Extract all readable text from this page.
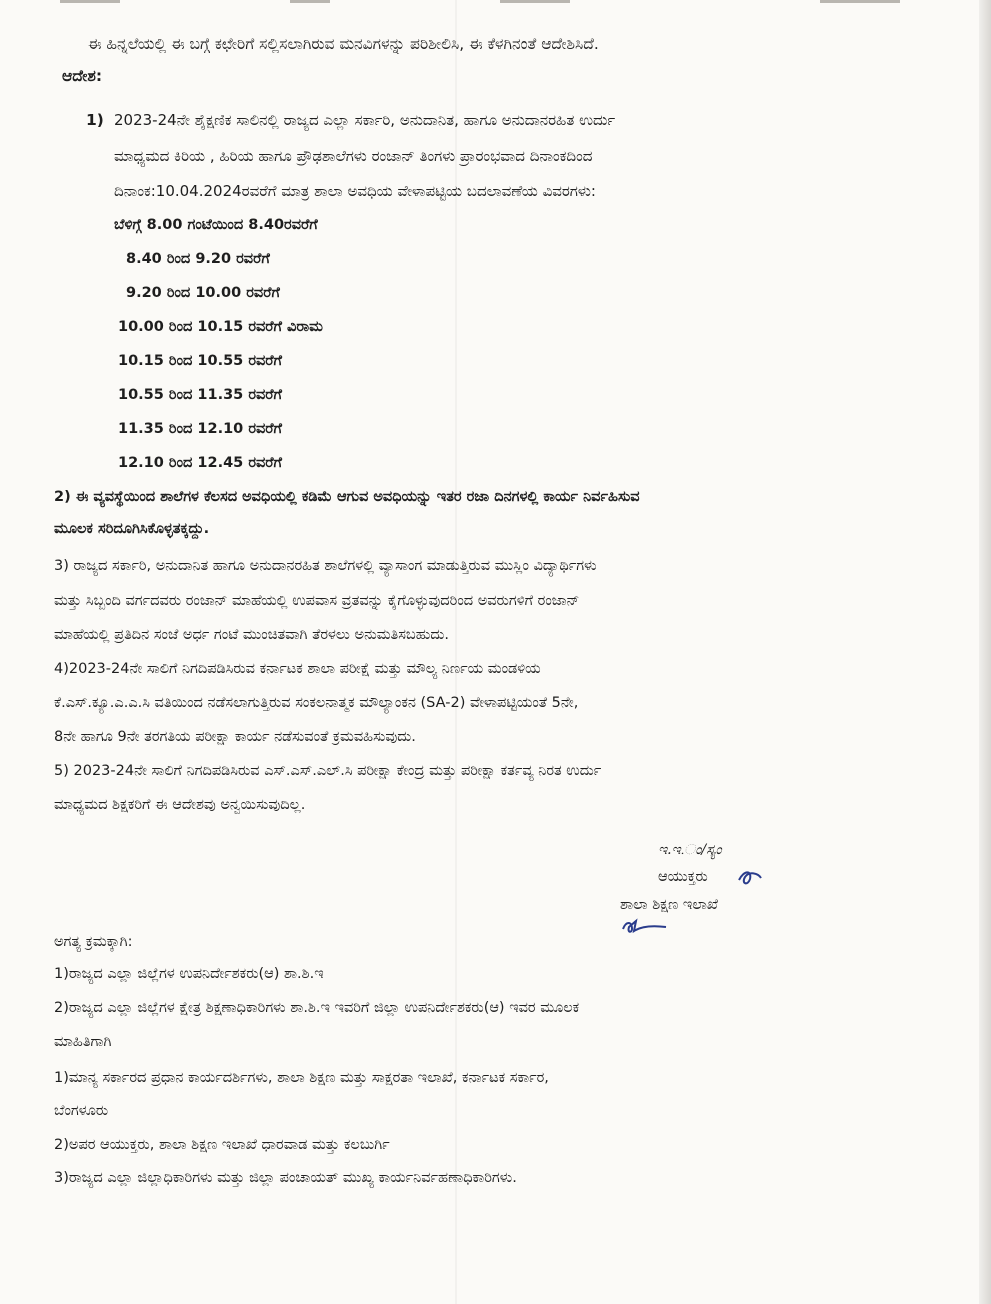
ಈ ಹಿನ್ನಲೆಯಲ್ಲಿ ಈ ಬಗ್ಗೆ ಕಛೇರಿಗೆ ಸಲ್ಲಿಸಲಾಗಿರುವ ಮನವಿಗಳನ್ನು ಪರಿಶೀಲಿಸಿ, ಈ ಕೆಳಗಿನಂತೆ ಆದೇಶಿಸಿದೆ.
ಆದೇಶ:
1) 2023-24ನೇ ಶೈಕ್ಷಣಿಕ ಸಾಲಿನಲ್ಲಿ ರಾಜ್ಯದ ಎಲ್ಲಾ ಸರ್ಕಾರಿ, ಅನುದಾನಿತ, ಹಾಗೂ ಅನುದಾನರಹಿತ ಉರ್ದು
ಮಾಧ್ಯಮದ ಕಿರಿಯ , ಹಿರಿಯ ಹಾಗೂ ಪ್ರೌಢಶಾಲೆಗಳು ರಂಜಾನ್ ತಿಂಗಳು ಪ್ರಾರಂಭವಾದ ದಿನಾಂಕದಿಂದ
ದಿನಾಂಕ:10.04.2024ರವರೆಗೆ ಮಾತ್ರ ಶಾಲಾ ಅವಧಿಯ ವೇಳಾಪಟ್ಟಿಯ ಬದಲಾವಣೆಯ ವಿವರಗಳು:
ಬೆಳಿಗ್ಗೆ 8.00 ಗಂಟೆಯಿಂದ 8.40ರವರೆಗೆ
8.40 ರಿಂದ 9.20 ರವರೆಗೆ
9.20 ರಿಂದ 10.00 ರವರೆಗೆ
10.00 ರಿಂದ 10.15 ರವರೆಗೆ ವಿರಾಮ
10.15 ರಿಂದ 10.55 ರವರೆಗೆ
10.55 ರಿಂದ 11.35 ರವರೆಗೆ
11.35 ರಿಂದ 12.10 ರವರೆಗೆ
12.10 ರಿಂದ 12.45 ರವರೆಗೆ
2) ಈ ವ್ಯವಸ್ಥೆಯಿಂದ ಶಾಲೆಗಳ ಕೆಲಸದ ಅವಧಿಯಲ್ಲಿ ಕಡಿಮೆ ಆಗುವ ಅವಧಿಯನ್ನು ಇತರ ರಜಾ ದಿನಗಳಲ್ಲಿ ಕಾರ್ಯ ನಿರ್ವಹಿಸುವ
ಮೂಲಕ ಸರಿದೂಗಿಸಿಕೊಳ್ಳತಕ್ಕದ್ದು.
3) ರಾಜ್ಯದ ಸರ್ಕಾರಿ, ಅನುದಾನಿತ ಹಾಗೂ ಅನುದಾನರಹಿತ ಶಾಲೆಗಳಲ್ಲಿ ವ್ಯಾಸಾಂಗ ಮಾಡುತ್ತಿರುವ ಮುಸ್ಲಿಂ ವಿದ್ಯಾರ್ಥಿಗಳು
ಮತ್ತು ಸಿಬ್ಬಂದಿ ವರ್ಗದವರು ರಂಜಾನ್ ಮಾಹೆಯಲ್ಲಿ ಉಪವಾಸ ವ್ರತವನ್ನು ಕೈಗೊಳ್ಳುವುದರಿಂದ ಅವರುಗಳಿಗೆ ರಂಜಾನ್
ಮಾಹೆಯಲ್ಲಿ ಪ್ರತಿದಿನ ಸಂಜೆ ಅರ್ಧ ಗಂಟೆ ಮುಂಚಿತವಾಗಿ ತೆರಳಲು ಅನುಮತಿಸಬಹುದು.
4)2023-24ನೇ ಸಾಲಿಗೆ ನಿಗದಿಪಡಿಸಿರುವ ಕರ್ನಾಟಕ ಶಾಲಾ ಪರೀಕ್ಷೆ ಮತ್ತು ಮೌಲ್ಯ ನಿರ್ಣಯ ಮಂಡಳಿಯ
ಕೆ.ಎಸ್.ಕ್ಯೂ.ಎ.ಎ.ಸಿ ವತಿಯಿಂದ ನಡೆಸಲಾಗುತ್ತಿರುವ ಸಂಕಲನಾತ್ಮಕ ಮೌಲ್ಯಾಂಕನ (SA-2) ವೇಳಾಪಟ್ಟಿಯಂತೆ 5ನೇ,
8ನೇ ಹಾಗೂ 9ನೇ ತರಗತಿಯ ಪರೀಕ್ಷಾ ಕಾರ್ಯ ನಡೆಸುವಂತೆ ಕ್ರಮವಹಿಸುವುದು.
5) 2023-24ನೇ ಸಾಲಿಗೆ ನಿಗದಿಪಡಿಸಿರುವ ಎಸ್.ಎಸ್.ಎಲ್.ಸಿ ಪರೀಕ್ಷಾ ಕೇಂದ್ರ ಮತ್ತು ಪರೀಕ್ಷಾ ಕರ್ತವ್ಯ ನಿರತ ಉರ್ದು
ಮಾಧ್ಯಮದ ಶಿಕ್ಷಕರಿಗೆ ಈ ಆದೇಶವು ಅನ್ವಯಿಸುವುದಿಲ್ಲ.
ಇ.ಇ.ಂ/ಸ್ಯಂ
ಆಯುಕ್ತರು
ಶಾಲಾ ಶಿಕ್ಷಣ ಇಲಾಖೆ
ಅಗತ್ಯ ಕ್ರಮಕ್ಕಾಗಿ:
1)ರಾಜ್ಯದ ಎಲ್ಲಾ ಜಿಲ್ಲೆಗಳ ಉಪನಿರ್ದೇಶಕರು(ಆ) ಶಾ.ಶಿ.ಇ
2)ರಾಜ್ಯದ ಎಲ್ಲಾ ಜಿಲ್ಲೆಗಳ ಕ್ಷೇತ್ರ ಶಿಕ್ಷಣಾಧಿಕಾರಿಗಳು ಶಾ.ಶಿ.ಇ ಇವರಿಗೆ ಜಿಲ್ಲಾ ಉಪನಿರ್ದೇಶಕರು(ಆ) ಇವರ ಮೂಲಕ
ಮಾಹಿತಿಗಾಗಿ
1)ಮಾನ್ಯ ಸರ್ಕಾರದ ಪ್ರಧಾನ ಕಾರ್ಯದರ್ಶಿಗಳು, ಶಾಲಾ ಶಿಕ್ಷಣ ಮತ್ತು ಸಾಕ್ಷರತಾ ಇಲಾಖೆ, ಕರ್ನಾಟಕ ಸರ್ಕಾರ,
ಬೆಂಗಳೂರು
2)ಅಪರ ಆಯುಕ್ತರು, ಶಾಲಾ ಶಿಕ್ಷಣ ಇಲಾಖೆ ಧಾರವಾಡ ಮತ್ತು ಕಲಬುರ್ಗಿ
3)ರಾಜ್ಯದ ಎಲ್ಲಾ ಜಿಲ್ಲಾಧಿಕಾರಿಗಳು ಮತ್ತು ಜಿಲ್ಲಾ ಪಂಚಾಯತ್ ಮುಖ್ಯ ಕಾರ್ಯನಿರ್ವಹಣಾಧಿಕಾರಿಗಳು.
